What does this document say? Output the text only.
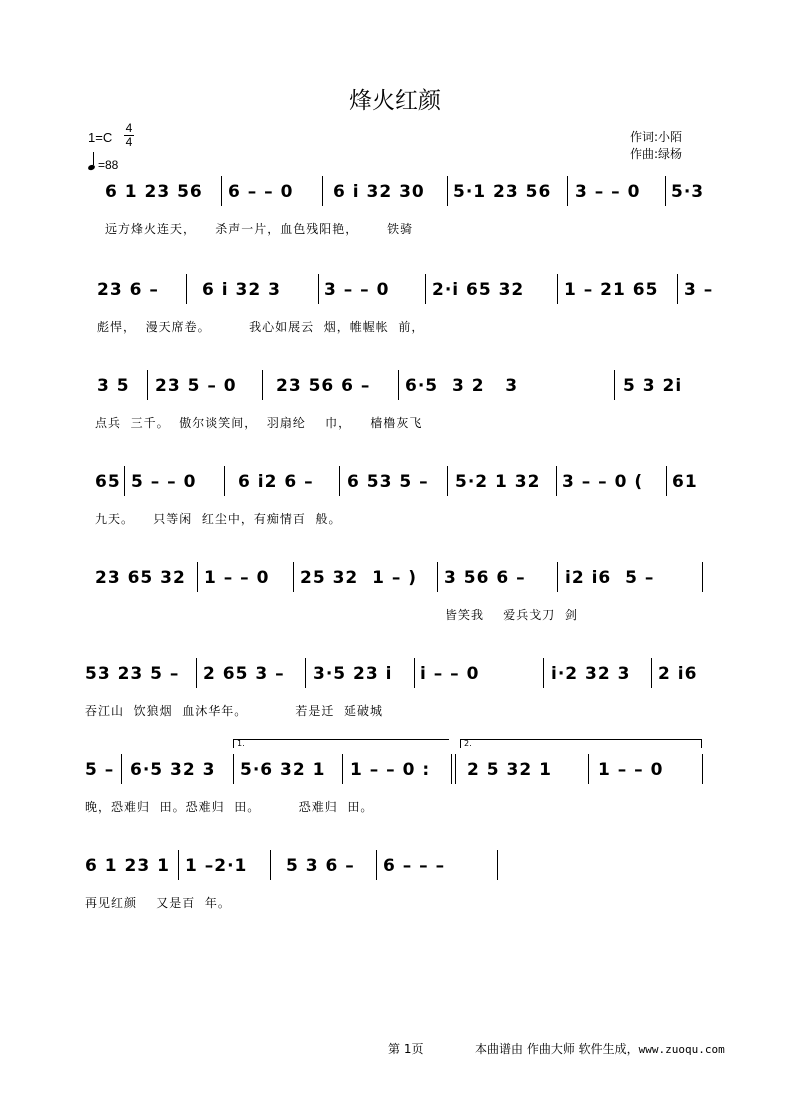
烽火红颜
1=C
4
4
=88
作词:小陌
作曲:绿杨
6 1 23 56 6 – – 0 6 i 32 30 5·1 23 56 3 – – 0 5·3
远方烽火连天，    杀声一片，血色残阳艳，      铁骑
23 6 –	6 i 32 3	3 – – 0	2·i 65 32 1 – 21 65 3 –
彪悍，  漫天席卷。        我心如展云  烟，帷幄帐  前，
3 5 23 5 – 0 23 56 6 – 6·5  3 2   3	5 3 2i
点兵  三千。  傲尔谈笑间，  羽扇纶    巾，    樯橹灰飞
65 5 – – 0 6 i2 6 – 6 53 5 – 5·2 1 32 3 – – 0 ( 61
九天。    只等闲  红尘中，有痴情百  般。
23 65 32 1 – – 0 25 32  1 – ) 3 56 6 – i2 i6  5 –
皆笑我    爱兵戈刀  剑
53 23 5 – 2 65 3 – 3·5 23 i i – – 0	i·2 32 3 2 i6
吞江山  饮狼烟  血沐华年。          若是迁  延破城
1.	2.
5 – 6·5 32 3 5·6 32 1 1 – – 0 : 2 5 32 1	1 – – 0
晚，恐难归  田。恐难归  田。        恐难归  田。
6 1 23 1 1 –2·1 5 3 6 – 6 – – –
再见红颜    又是百  年。
第 1页	本曲谱由 作曲大师 软件生成，www.zuoqu.com
